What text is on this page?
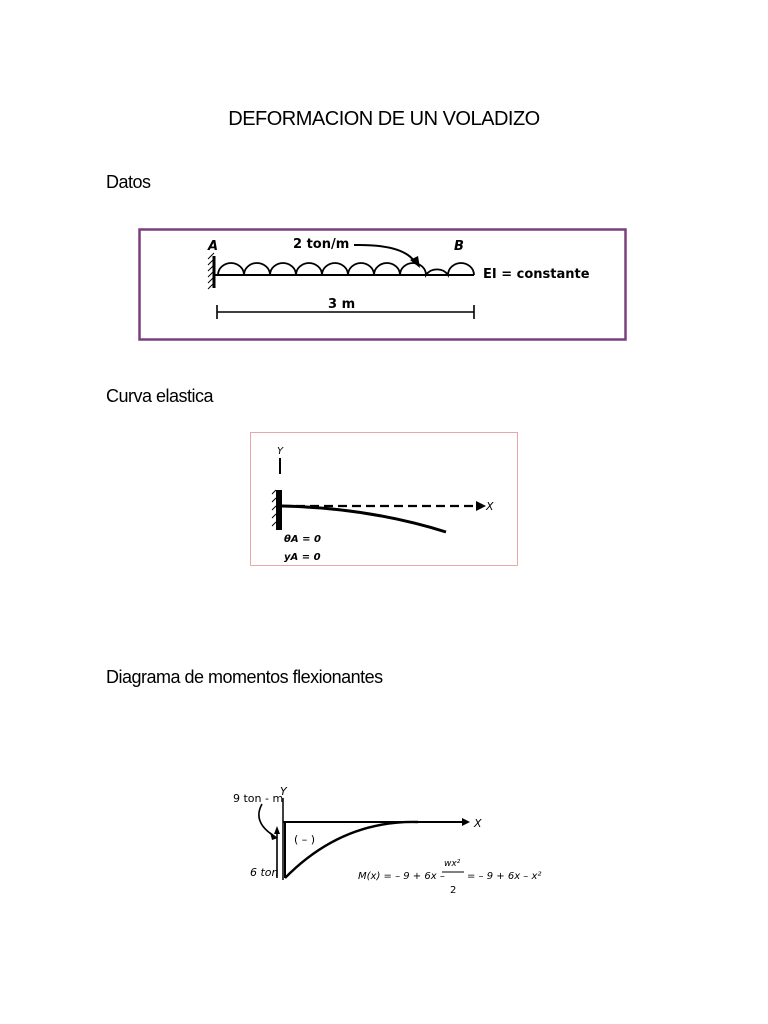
DEFORMACION DE UN VOLADIZO
Datos
A	B
2 ton/m
EI = constante
3 m
Curva elastica
Y
X
θA = 0
yA = 0
Diagrama de momentos flexionantes
9 ton - m
Y
X
6 ton
( – )
M(x) = – 9 + 6x –
wx²
2
= – 9 + 6x – x²
